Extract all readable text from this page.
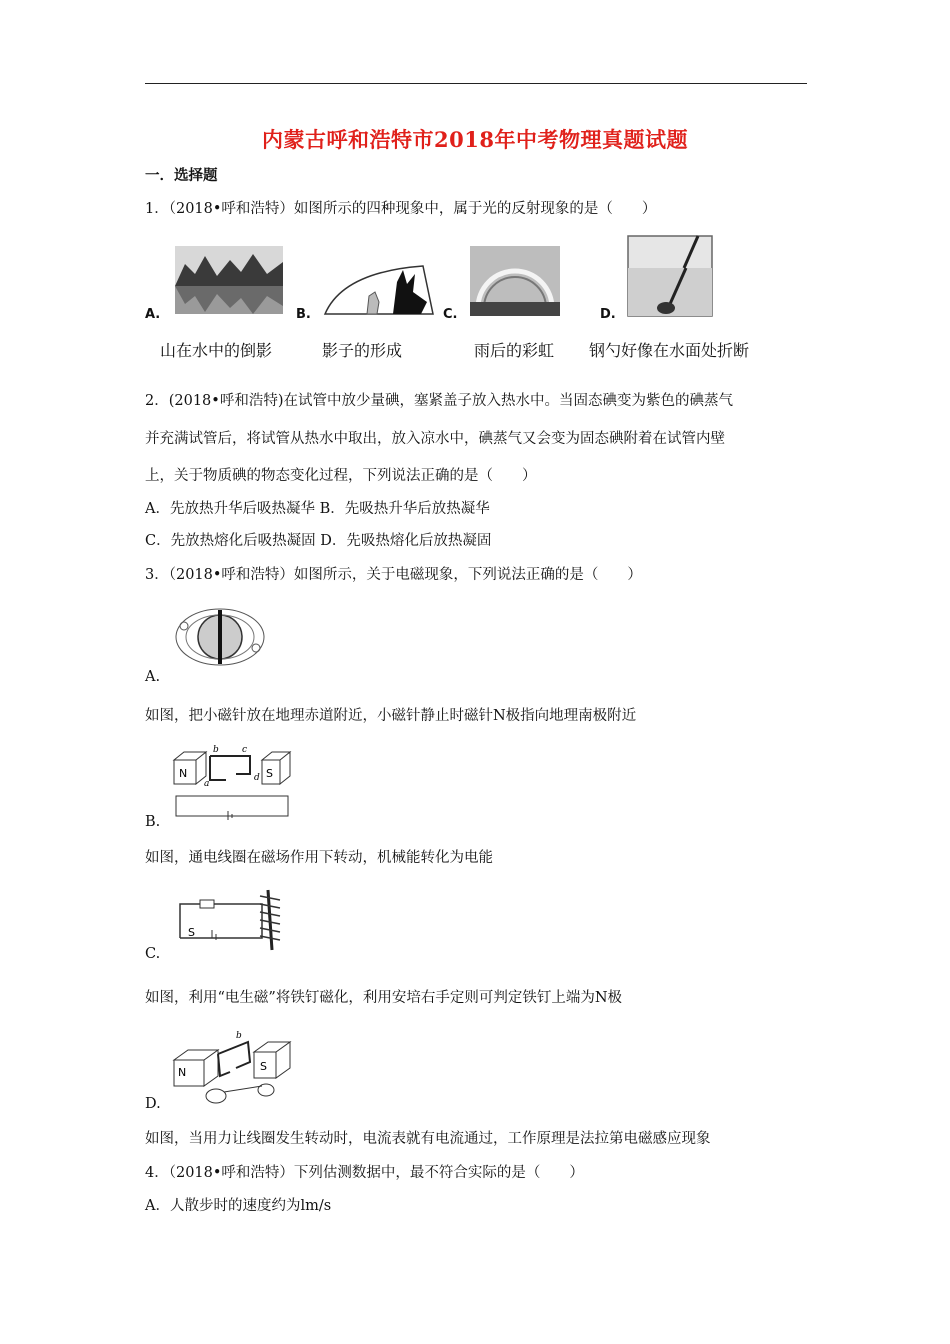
内蒙古呼和浩特市2018年中考物理真题试题
一．选择题
1．（2018•呼和浩特）如图所示的四种现象中，属于光的反射现象的是（　　）
A.	B.	C.	D.
山在水中的倒影	影子的形成	雨后的彩虹 钢勺好像在水面处折断
2．(2018•呼和浩特)在试管中放少量碘，塞紧盖子放入热水中。当固态碘变为紫色的碘蒸气
并充满试管后，将试管从热水中取出，放入凉水中，碘蒸气又会变为固态碘附着在试管内壁
上，关于物质碘的物态变化过程，下列说法正确的是（　　）
A．先放热升华后吸热凝华 B．先吸热升华后放热凝华
C．先放热熔化后吸热凝固 D．先吸热熔化后放热凝固
3．（2018•呼和浩特）如图所示，关于电磁现象，下列说法正确的是（　　）
A.
如图，把小磁针放在地理赤道附近，小磁针静止时磁针N极指向地理南极附近
N	S
b	c
d
a
B.
如图，通电线圈在磁场作用下转动，机械能转化为电能
S
C.
如图，利用“电生磁”将铁钉磁化，利用安培右手定则可判定铁钉上端为N极
N	S
b
D.
如图，当用力让线圈发生转动时，电流表就有电流通过，工作原理是法拉第电磁感应现象
4．（2018•呼和浩特）下列估测数据中，最不符合实际的是（　　）
A．人散步时的速度约为lm/s
